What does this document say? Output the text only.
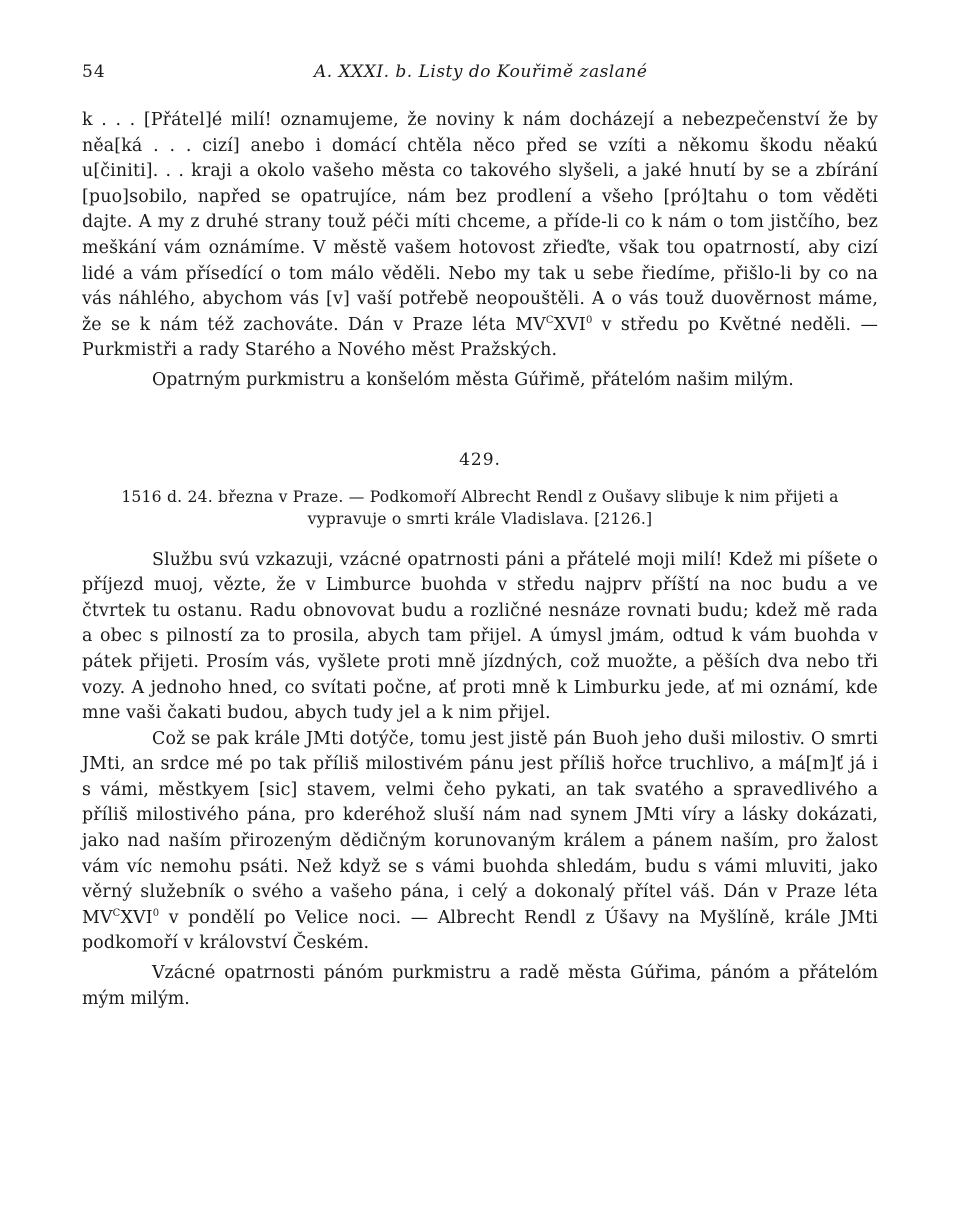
54	A. XXXI. b. Listy do Kouřimě zaslané

k . . . [Přátel]é milí! oznamujeme, že noviny k nám docházejí a nebezpečenství že by něa[ká . . . cizí] anebo i domácí chtěla něco před se vzíti a někomu škodu něakú u[činiti]. . . kraji a okolo vašeho města co takového slyšeli, a jaké hnutí by se a zbírání [puo]sobilo, napřed se opatrujíce, nám bez prodlení a všeho [pró]tahu o tom věděti dajte. A my z druhé strany touž péči míti chceme, a příde-li co k nám o tom jistčího, bez meškání vám oznámíme. V městě vašem hotovost zřieďte, však tou opatrností, aby cizí lidé a vám přísedící o tom málo věděli. Nebo my tak u sebe řiedíme, přišlo-li by co na vás náhlého, abychom vás [v] vaší potřebě neopouštěli. A o vás touž duověrnost máme, že se k nám též zachováte. Dán v Praze léta $MV^CXVI^0$ v středu po Květné neděli. — Purkmistři a rady Starého a Nového měst Pražských.

Opatrným purkmistru a konšelóm města Gúřimě, přátelóm našim milým.

429.

1516 d. 24. března v Praze. — Podkomoří Albrecht Rendl z Oušavy slibuje k nim přijeti a vypravuje o smrti krále Vladislava. [2126.]

Službu svú vzkazuji, vzácné opatrnosti páni a přátelé moji milí! Kdež mi píšete o příjezd muoj, vězte, že v Limburce buohda v středu najprv příští na noc budu a ve čtvrtek tu ostanu. Radu obnovovat budu a rozličné nesnáze rovnati budu; kdež mě rada a obec s pilností za to prosila, abych tam přijel. A úmysl jmám, odtud k vám buohda v pátek přijeti. Prosím vás, vyšlete proti mně jízdných, což muožte, a pěších dva nebo tři vozy. A jednoho hned, co svítati počne, ať proti mně k Limburku jede, ať mi oznámí, kde mne vaši čakati budou, abych tudy jel a k nim přijel.

Což se pak krále JMti dotýče, tomu jest jistě pán Buoh jeho duši milostiv. O smrti JMti, an srdce mé po tak příliš milostivém pánu jest příliš hořce truchlivo, a má[m]ť já i s vámi, městkyem [sic] stavem, velmi čeho pykati, an tak svatého a spravedlivého a příliš milostivého pána, pro kderéhož sluší nám nad synem JMti víry a lásky dokázati, jako nad naším přirozeným dědičným korunovaným králem a pánem naším, pro žalost vám víc nemohu psáti. Než když se s vámi buohda shledám, budu s vámi mluviti, jako věrný služebník o svého a vašeho pána, i celý a dokonalý přítel váš. Dán v Praze léta $MV^CXVI^0$ v pondělí po Velice noci. — Albrecht Rendl z Úšavy na Myšlíně, krále JMti podkomoří v království Českém.

Vzácné opatrnosti pánóm purkmistru a radě města Gúřima, pánóm a přátelóm mým milým.
